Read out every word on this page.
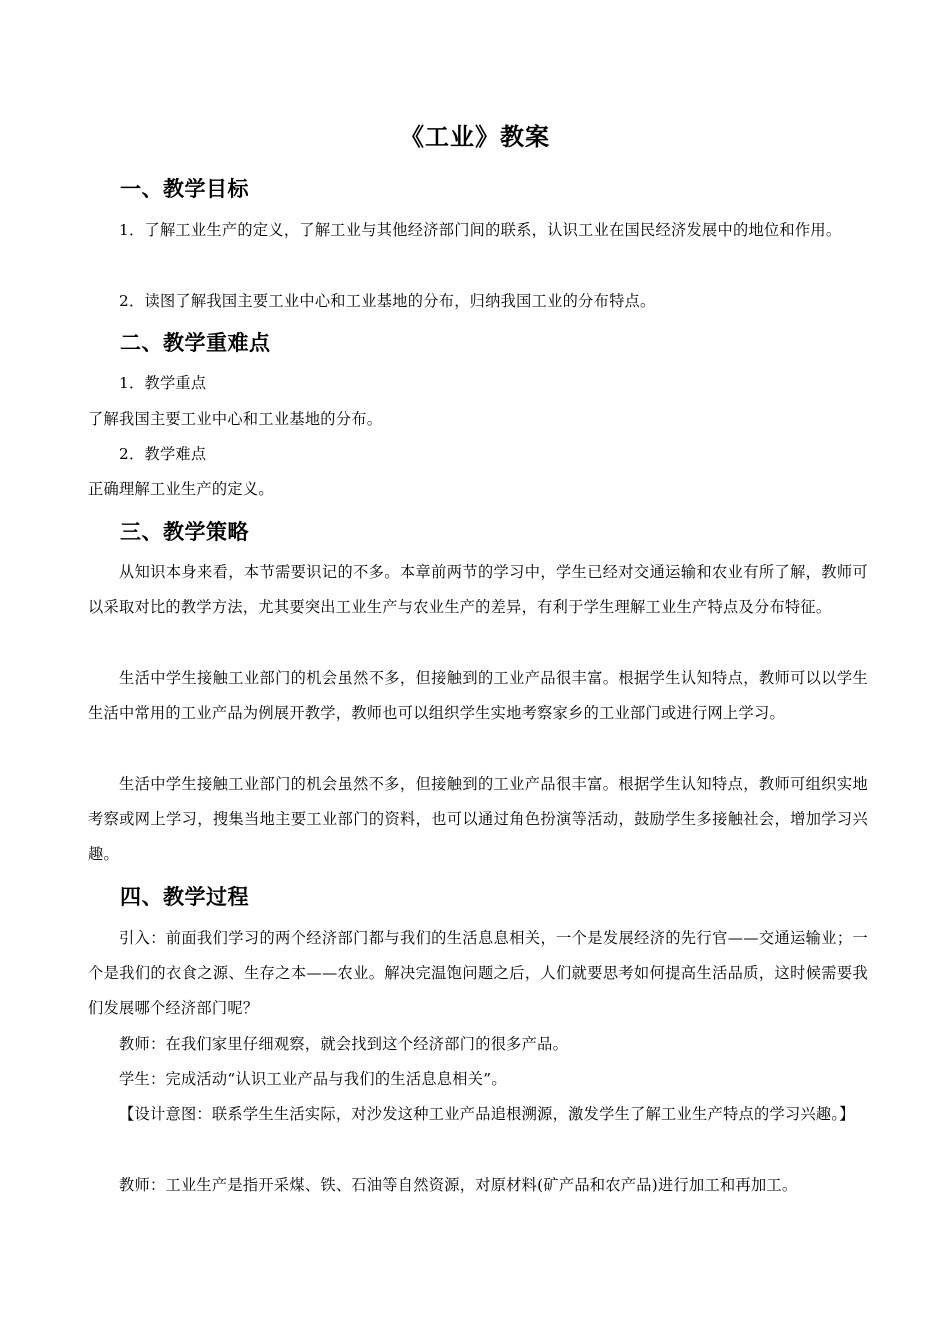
《工业》教案
一、教学目标
1．了解工业生产的定义，了解工业与其他经济部门间的联系，认识工业在国民经济发展中的地位和作用。
2．读图了解我国主要工业中心和工业基地的分布，归纳我国工业的分布特点。
二、教学重难点
1．教学重点
了解我国主要工业中心和工业基地的分布。
2．教学难点
正确理解工业生产的定义。
三、教学策略
从知识本身来看，本节需要识记的不多。本章前两节的学习中，学生已经对交通运输和农业有所了解，教师可以采取对比的教学方法，尤其要突出工业生产与农业生产的差异，有利于学生理解工业生产特点及分布特征。
生活中学生接触工业部门的机会虽然不多，但接触到的工业产品很丰富。根据学生认知特点，教师可以以学生生活中常用的工业产品为例展开教学，教师也可以组织学生实地考察家乡的工业部门或进行网上学习。
生活中学生接触工业部门的机会虽然不多，但接触到的工业产品很丰富。根据学生认知特点，教师可组织实地考察或网上学习，搜集当地主要工业部门的资料，也可以通过角色扮演等活动，鼓励学生多接触社会，增加学习兴趣。
四、教学过程
引入：前面我们学习的两个经济部门都与我们的生活息息相关，一个是发展经济的先行官——交通运输业；一个是我们的衣食之源、生存之本——农业。解决完温饱问题之后，人们就要思考如何提高生活品质，这时候需要我们发展哪个经济部门呢？
教师：在我们家里仔细观察，就会找到这个经济部门的很多产品。
学生：完成活动“认识工业产品与我们的生活息息相关”。
【设计意图：联系学生生活实际，对沙发这种工业产品追根溯源，激发学生了解工业生产特点的学习兴趣。】
教师：工业生产是指开采煤、铁、石油等自然资源，对原材料(矿产品和农产品)进行加工和再加工。
